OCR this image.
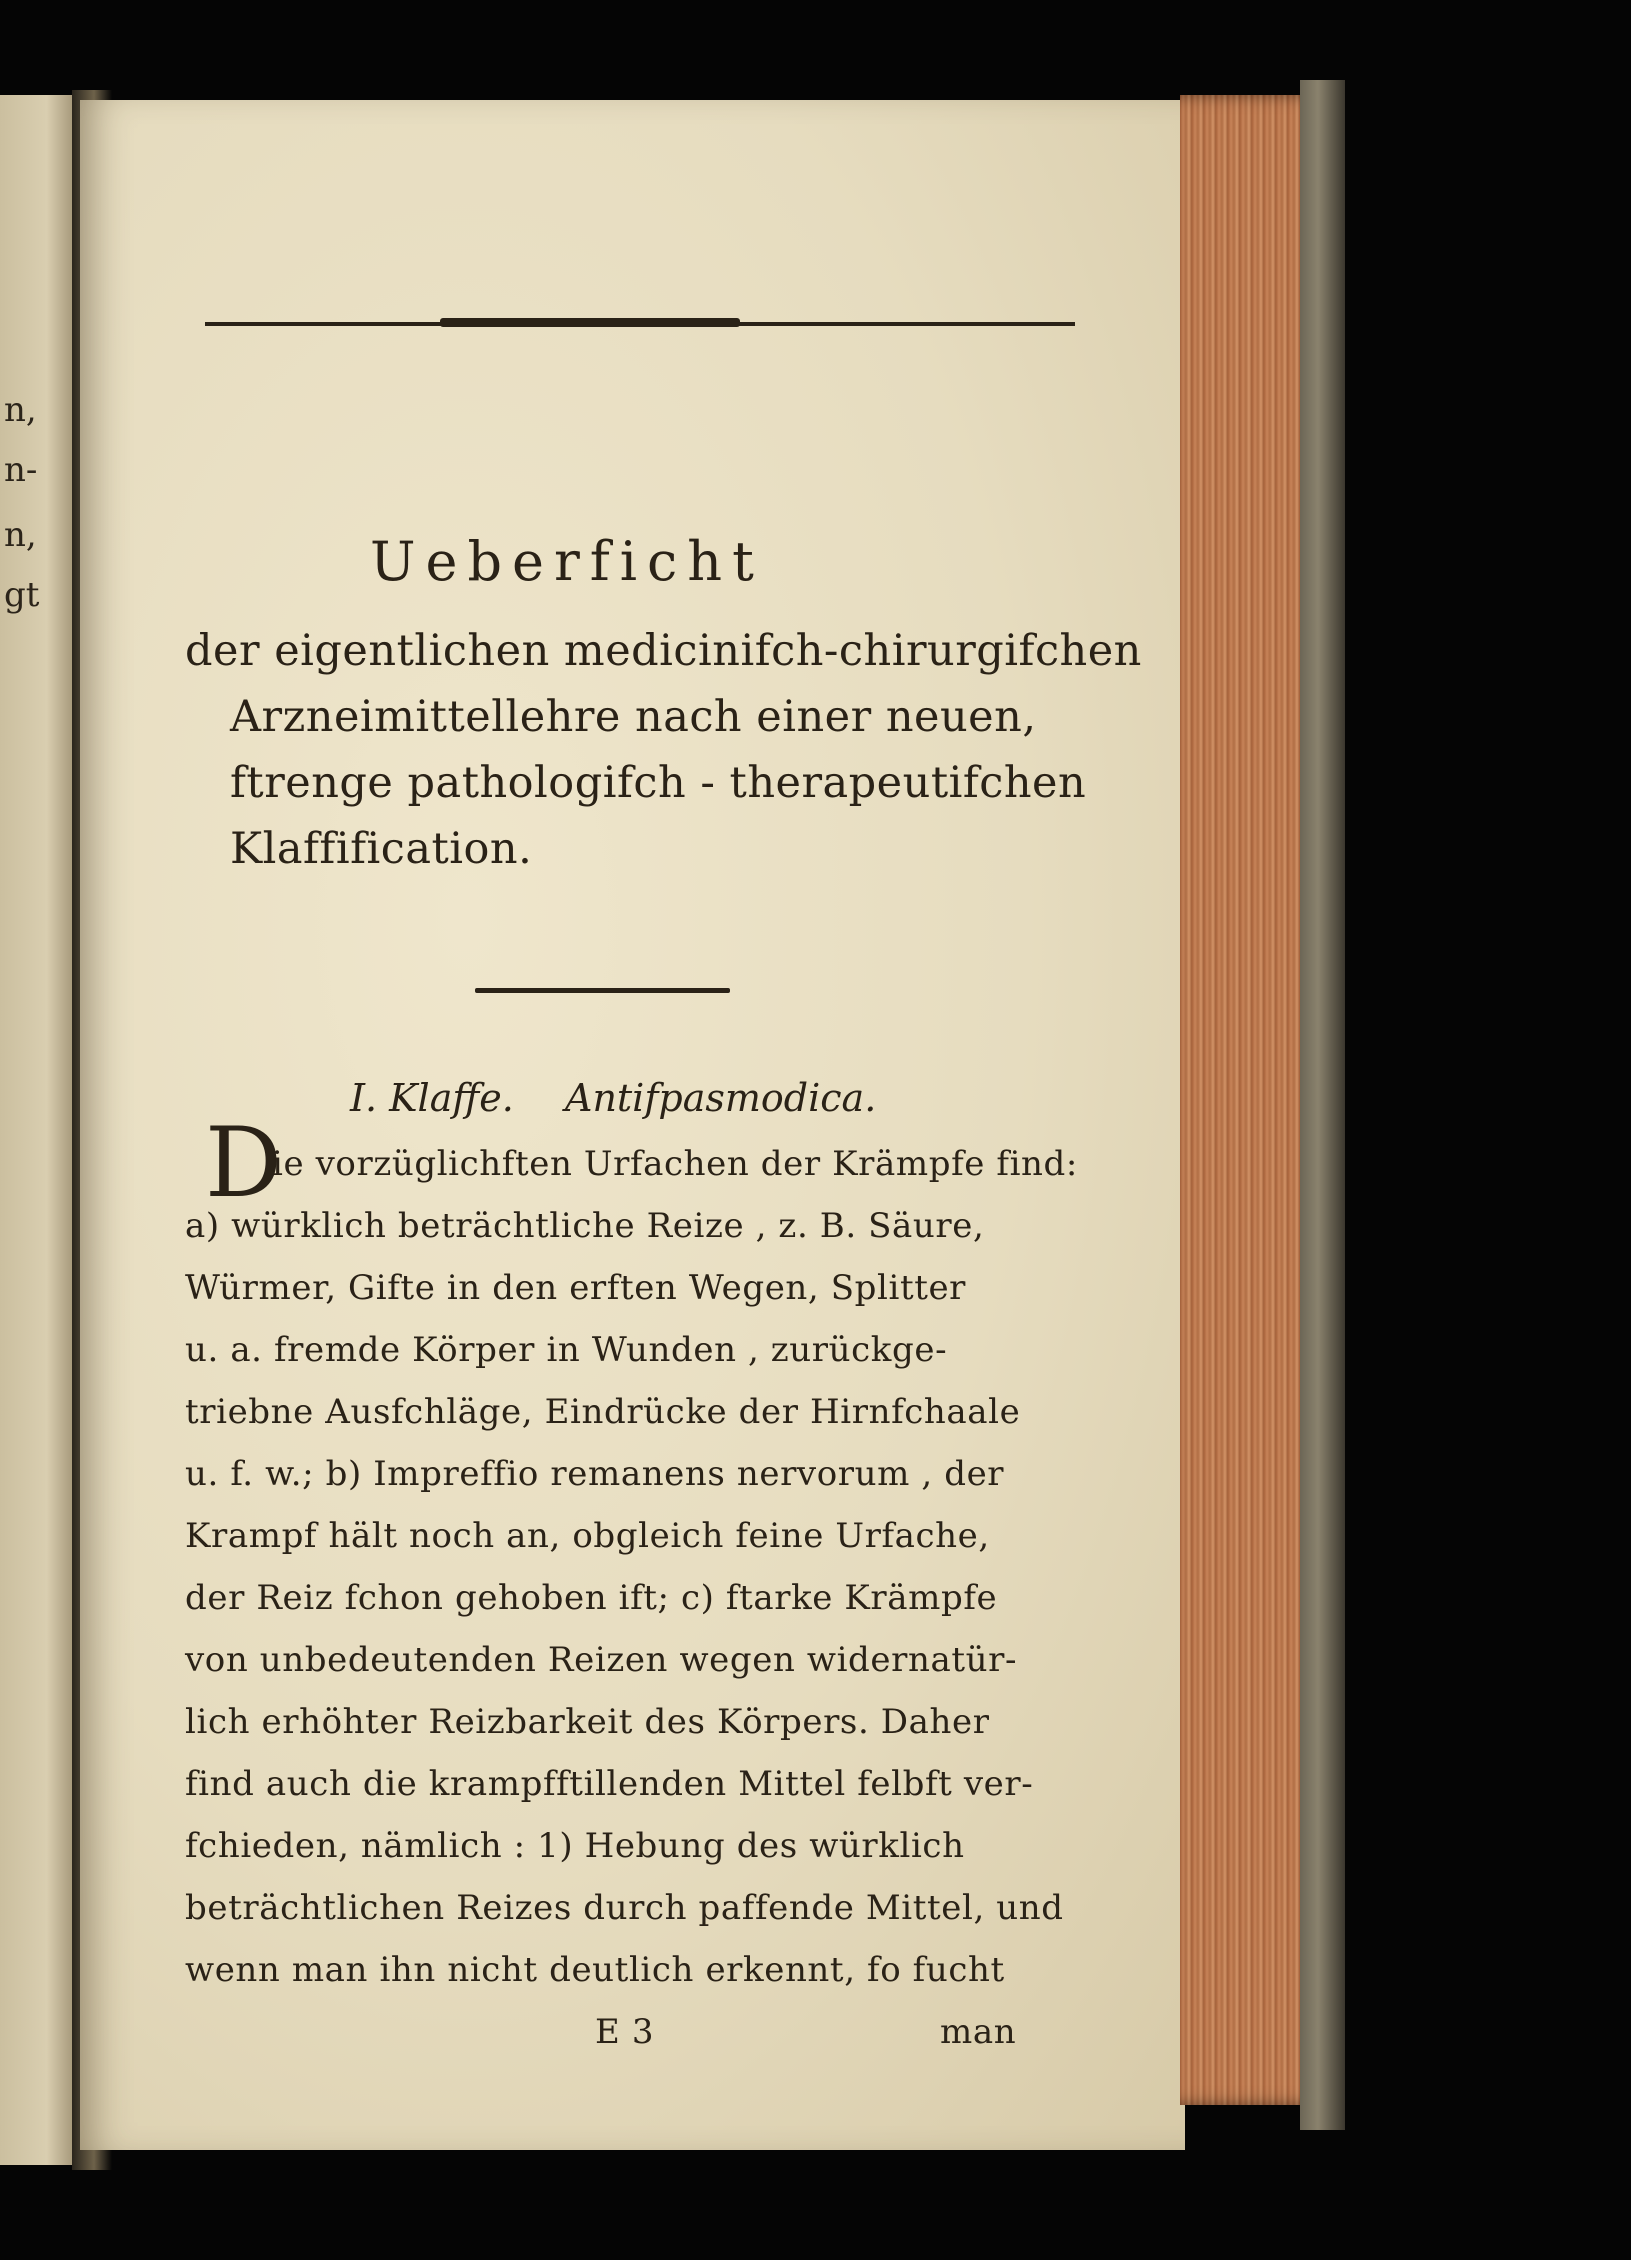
n,
n-
n,
gt
Ueberficht
der eigentlichen medicinifch-chirurgifchen
Arzneimittellehre nach einer neuen,
ftrenge pathologifch - therapeutifchen
Klaffification.
I. Klaffe. Antifpasmodica.
D
ie vorzüglichften Urfachen der Krämpfe find:
a) würklich beträchtliche Reize , z. B. Säure,
Würmer, Gifte in den erften Wegen, Splitter
u. a. fremde Körper in Wunden , zurückge-
triebne Ausfchläge, Eindrücke der Hirnfchaale
u. f. w.; b) Impreffio remanens nervorum , der
Krampf hält noch an, obgleich feine Urfache,
der Reiz fchon gehoben ift; c) ftarke Krämpfe
von unbedeutenden Reizen wegen widernatür-
lich erhöhter Reizbarkeit des Körpers. Daher
find auch die krampfftillenden Mittel felbft ver-
fchieden, nämlich : 1) Hebung des würklich
beträchtlichen Reizes durch paffende Mittel, und
wenn man ihn nicht deutlich erkennt, fo fucht
E 3	man
